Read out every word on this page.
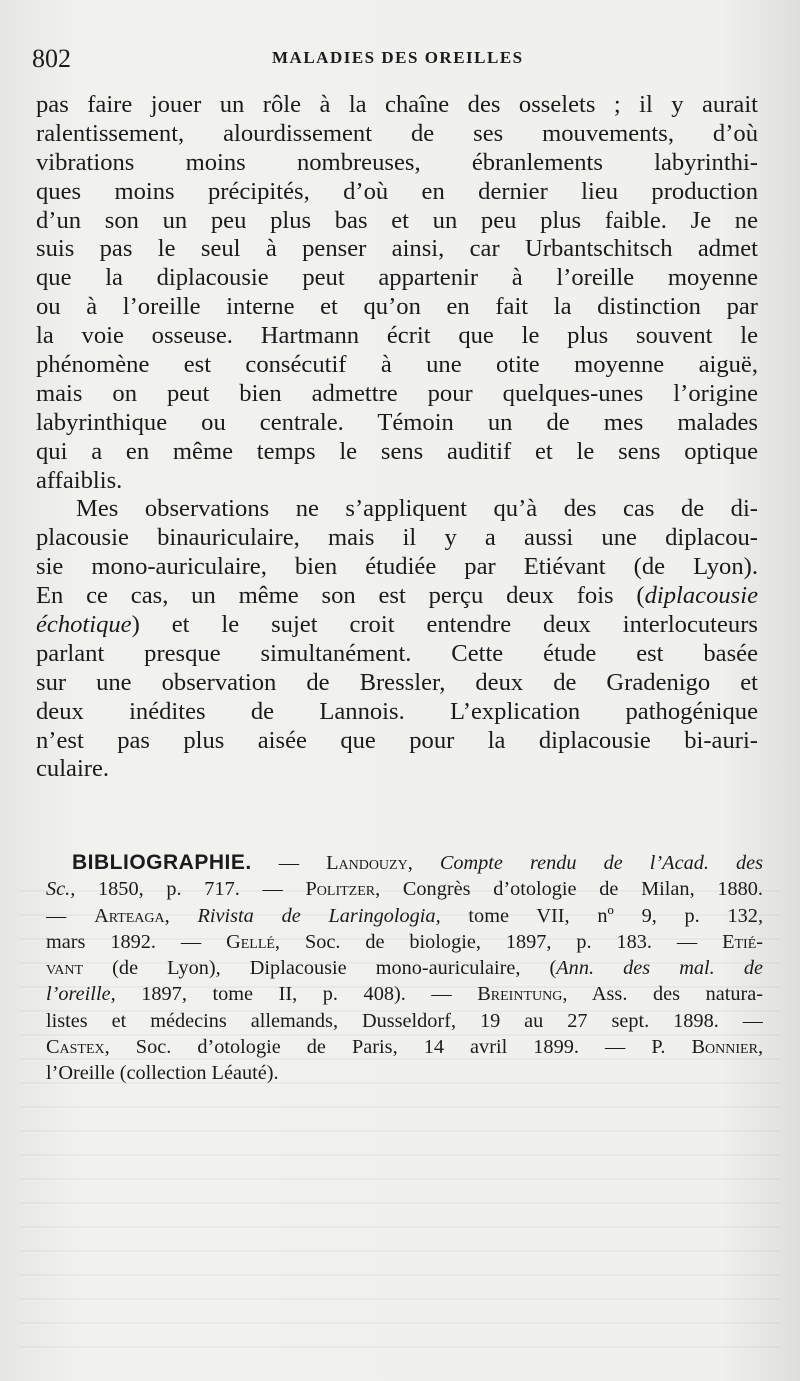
802	MALADIES DES OREILLES
pas faire jouer un rôle à la chaîne des osselets ; il y aurait
ralentissement, alourdissement de ses mouvements, d’où
vibrations moins nombreuses, ébranlements labyrinthi-
ques moins précipités, d’où en dernier lieu production
d’un son un peu plus bas et un peu plus faible. Je ne
suis pas le seul à penser ainsi, car Urbantschitsch admet
que la diplacousie peut appartenir à l’oreille moyenne
ou à l’oreille interne et qu’on en fait la distinction par
la voie osseuse. Hartmann écrit que le plus souvent le
phénomène est consécutif à une otite moyenne aiguë,
mais on peut bien admettre pour quelques-unes l’origine
labyrinthique ou centrale. Témoin un de mes malades
qui a en même temps le sens auditif et le sens optique
affaiblis.
Mes observations ne s’appliquent qu’à des cas de di-
placousie binauriculaire, mais il y a aussi une diplacou-
sie mono-auriculaire, bien étudiée par Etiévant (de Lyon).
En ce cas, un même son est perçu deux fois (diplacousie
échotique) et le sujet croit entendre deux interlocuteurs
parlant presque simultanément. Cette étude est basée
sur une observation de Bressler, deux de Gradenigo et
deux inédites de Lannois. L’explication pathogénique
n’est pas plus aisée que pour la diplacousie bi-auri-
culaire.
BIBLIOGRAPHIE. — Landouzy, Compte rendu de l’Acad. des
Sc., 1850, p. 717. — Politzer, Congrès d’otologie de Milan, 1880.
— Arteaga, Rivista de Laringologia, tome VII, nº 9, p. 132,
mars 1892. — Gellé, Soc. de biologie, 1897, p. 183. — Etié-
vant (de Lyon), Diplacousie mono-auriculaire, (Ann. des mal. de
l’oreille, 1897, tome II, p. 408). — Breintung, Ass. des natura-
listes et médecins allemands, Dusseldorf, 19 au 27 sept. 1898. —
Castex, Soc. d’otologie de Paris, 14 avril 1899. — P. Bonnier,
l’Oreille (collection Léauté).
